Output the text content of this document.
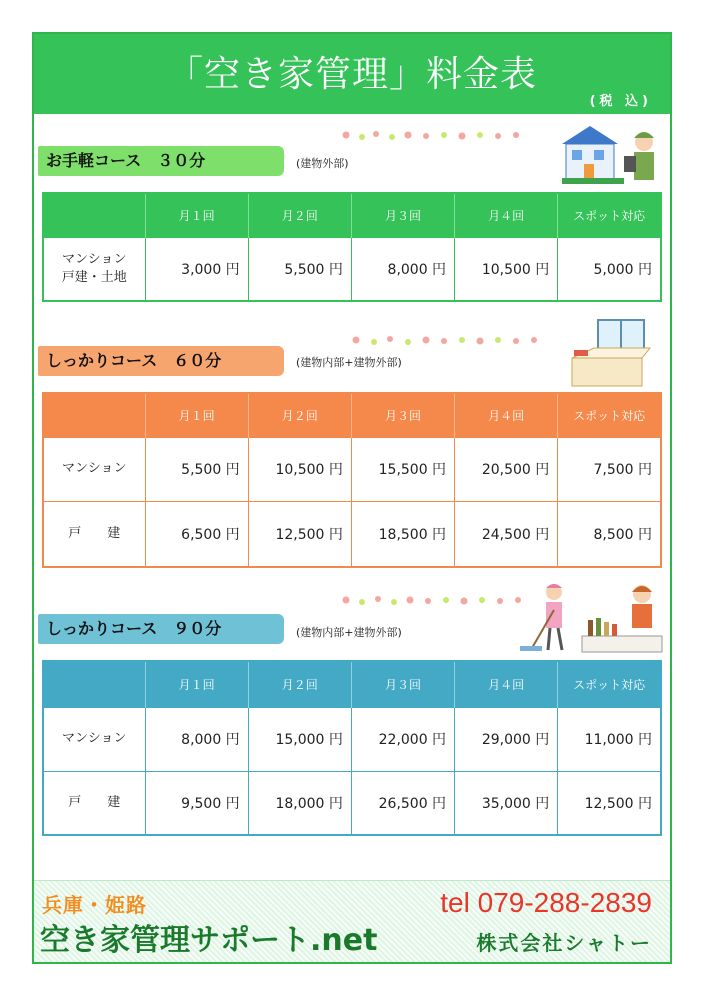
「空き家管理」料金表
(税 込)
お手軽コース　３０分	(建物外部)
	月１回	月２回	月３回	月４回	スポット対応

マンション
戸建・土地	3,000 円	5,500 円	8,000 円	10,500 円	5,000 円
しっかりコース　６０分	(建物内部+建物外部)
	月１回	月２回	月３回	月４回	スポット対応
マンション	5,500 円	10,500 円	15,500 円	20,500 円	7,500 円
戸　　建	6,500 円	12,500 円	18,500 円	24,500 円	8,500 円
しっかりコース　９０分	(建物内部+建物外部)
	月１回	月２回	月３回	月４回	スポット対応
マンション	8,000 円	15,000 円	22,000 円	29,000 円	11,000 円
戸　　建	9,500 円	18,000 円	26,500 円	35,000 円	12,500 円
兵庫・姫路
空き家管理サポート.net
tel 079-288-2839
株式会社シャトー
